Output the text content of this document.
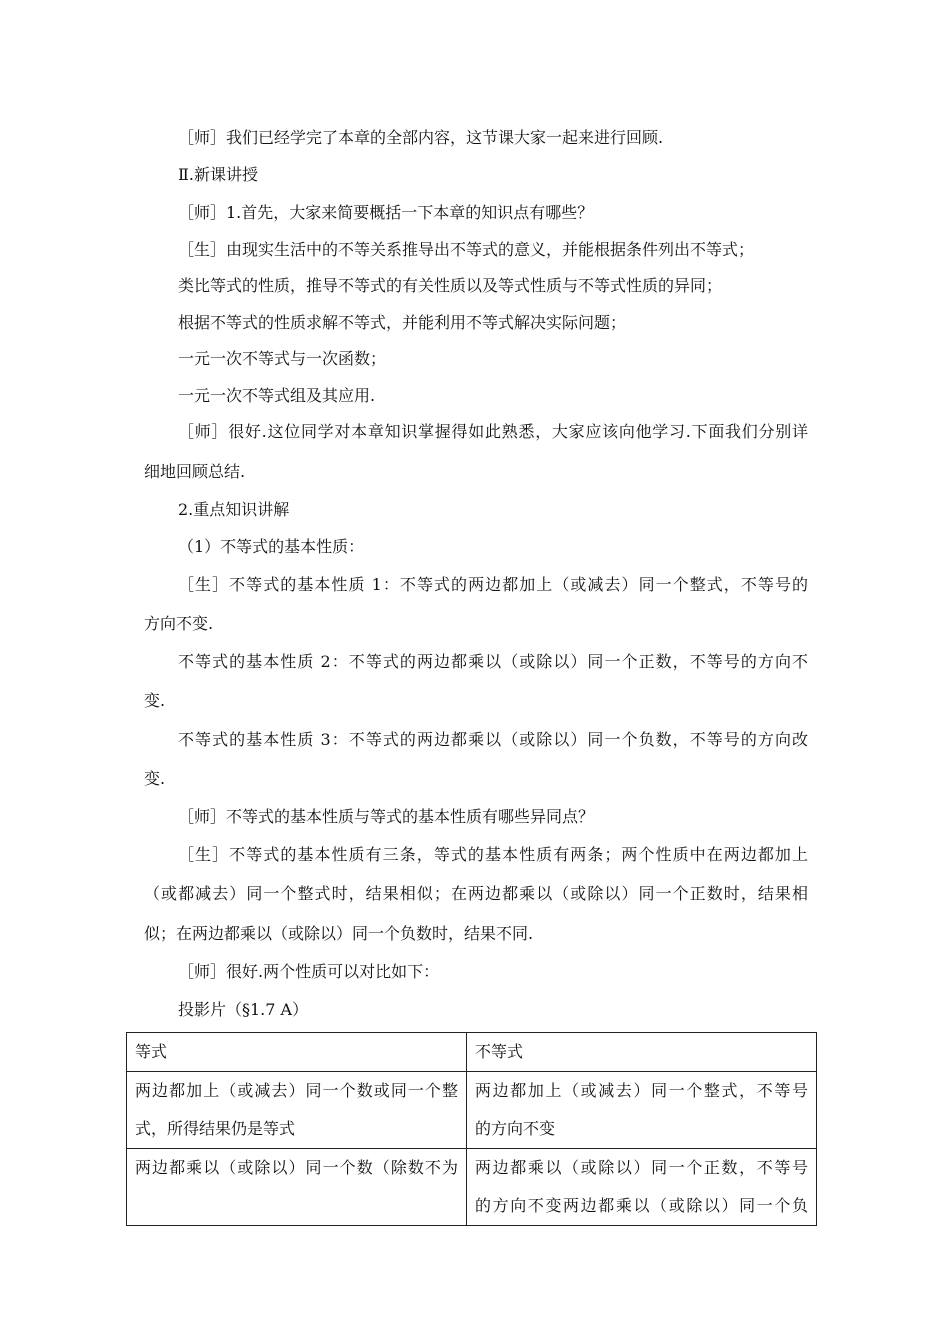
［师］我们已经学完了本章的全部内容，这节课大家一起来进行回顾.
Ⅱ.新课讲授
［师］1.首先，大家来简要概括一下本章的知识点有哪些？
［生］由现实生活中的不等关系推导出不等式的意义，并能根据条件列出不等式；
类比等式的性质，推导不等式的有关性质以及等式性质与不等式性质的异同；
根据不等式的性质求解不等式，并能利用不等式解决实际问题；
一元一次不等式与一次函数；
一元一次不等式组及其应用.
［师］很好.这位同学对本章知识掌握得如此熟悉，大家应该向他学习.下面我们分别详
细地回顾总结.
2.重点知识讲解
（1）不等式的基本性质：
［生］不等式的基本性质 1：不等式的两边都加上（或减去）同一个整式，不等号的
方向不变.
不等式的基本性质 2：不等式的两边都乘以（或除以）同一个正数，不等号的方向不
变.
不等式的基本性质 3：不等式的两边都乘以（或除以）同一个负数，不等号的方向改
变.
［师］不等式的基本性质与等式的基本性质有哪些异同点？
［生］不等式的基本性质有三条，等式的基本性质有两条；两个性质中在两边都加上
（或都减去）同一个整式时，结果相似；在两边都乘以（或除以）同一个正数时，结果相
似；在两边都乘以（或除以）同一个负数时，结果不同.
［师］很好.两个性质可以对比如下：
投影片（§1.7 A）
等式	不等式

两边都加上（或减去）同一个数或同一个整
式，所得结果仍是等式	两边都加上（或减去）同一个整式，不等号
的方向不变

两边都乘以（或除以）同一个数（除数不为	两边都乘以（或除以）同一个正数，不等号
的方向不变两边都乘以（或除以）同一个负
